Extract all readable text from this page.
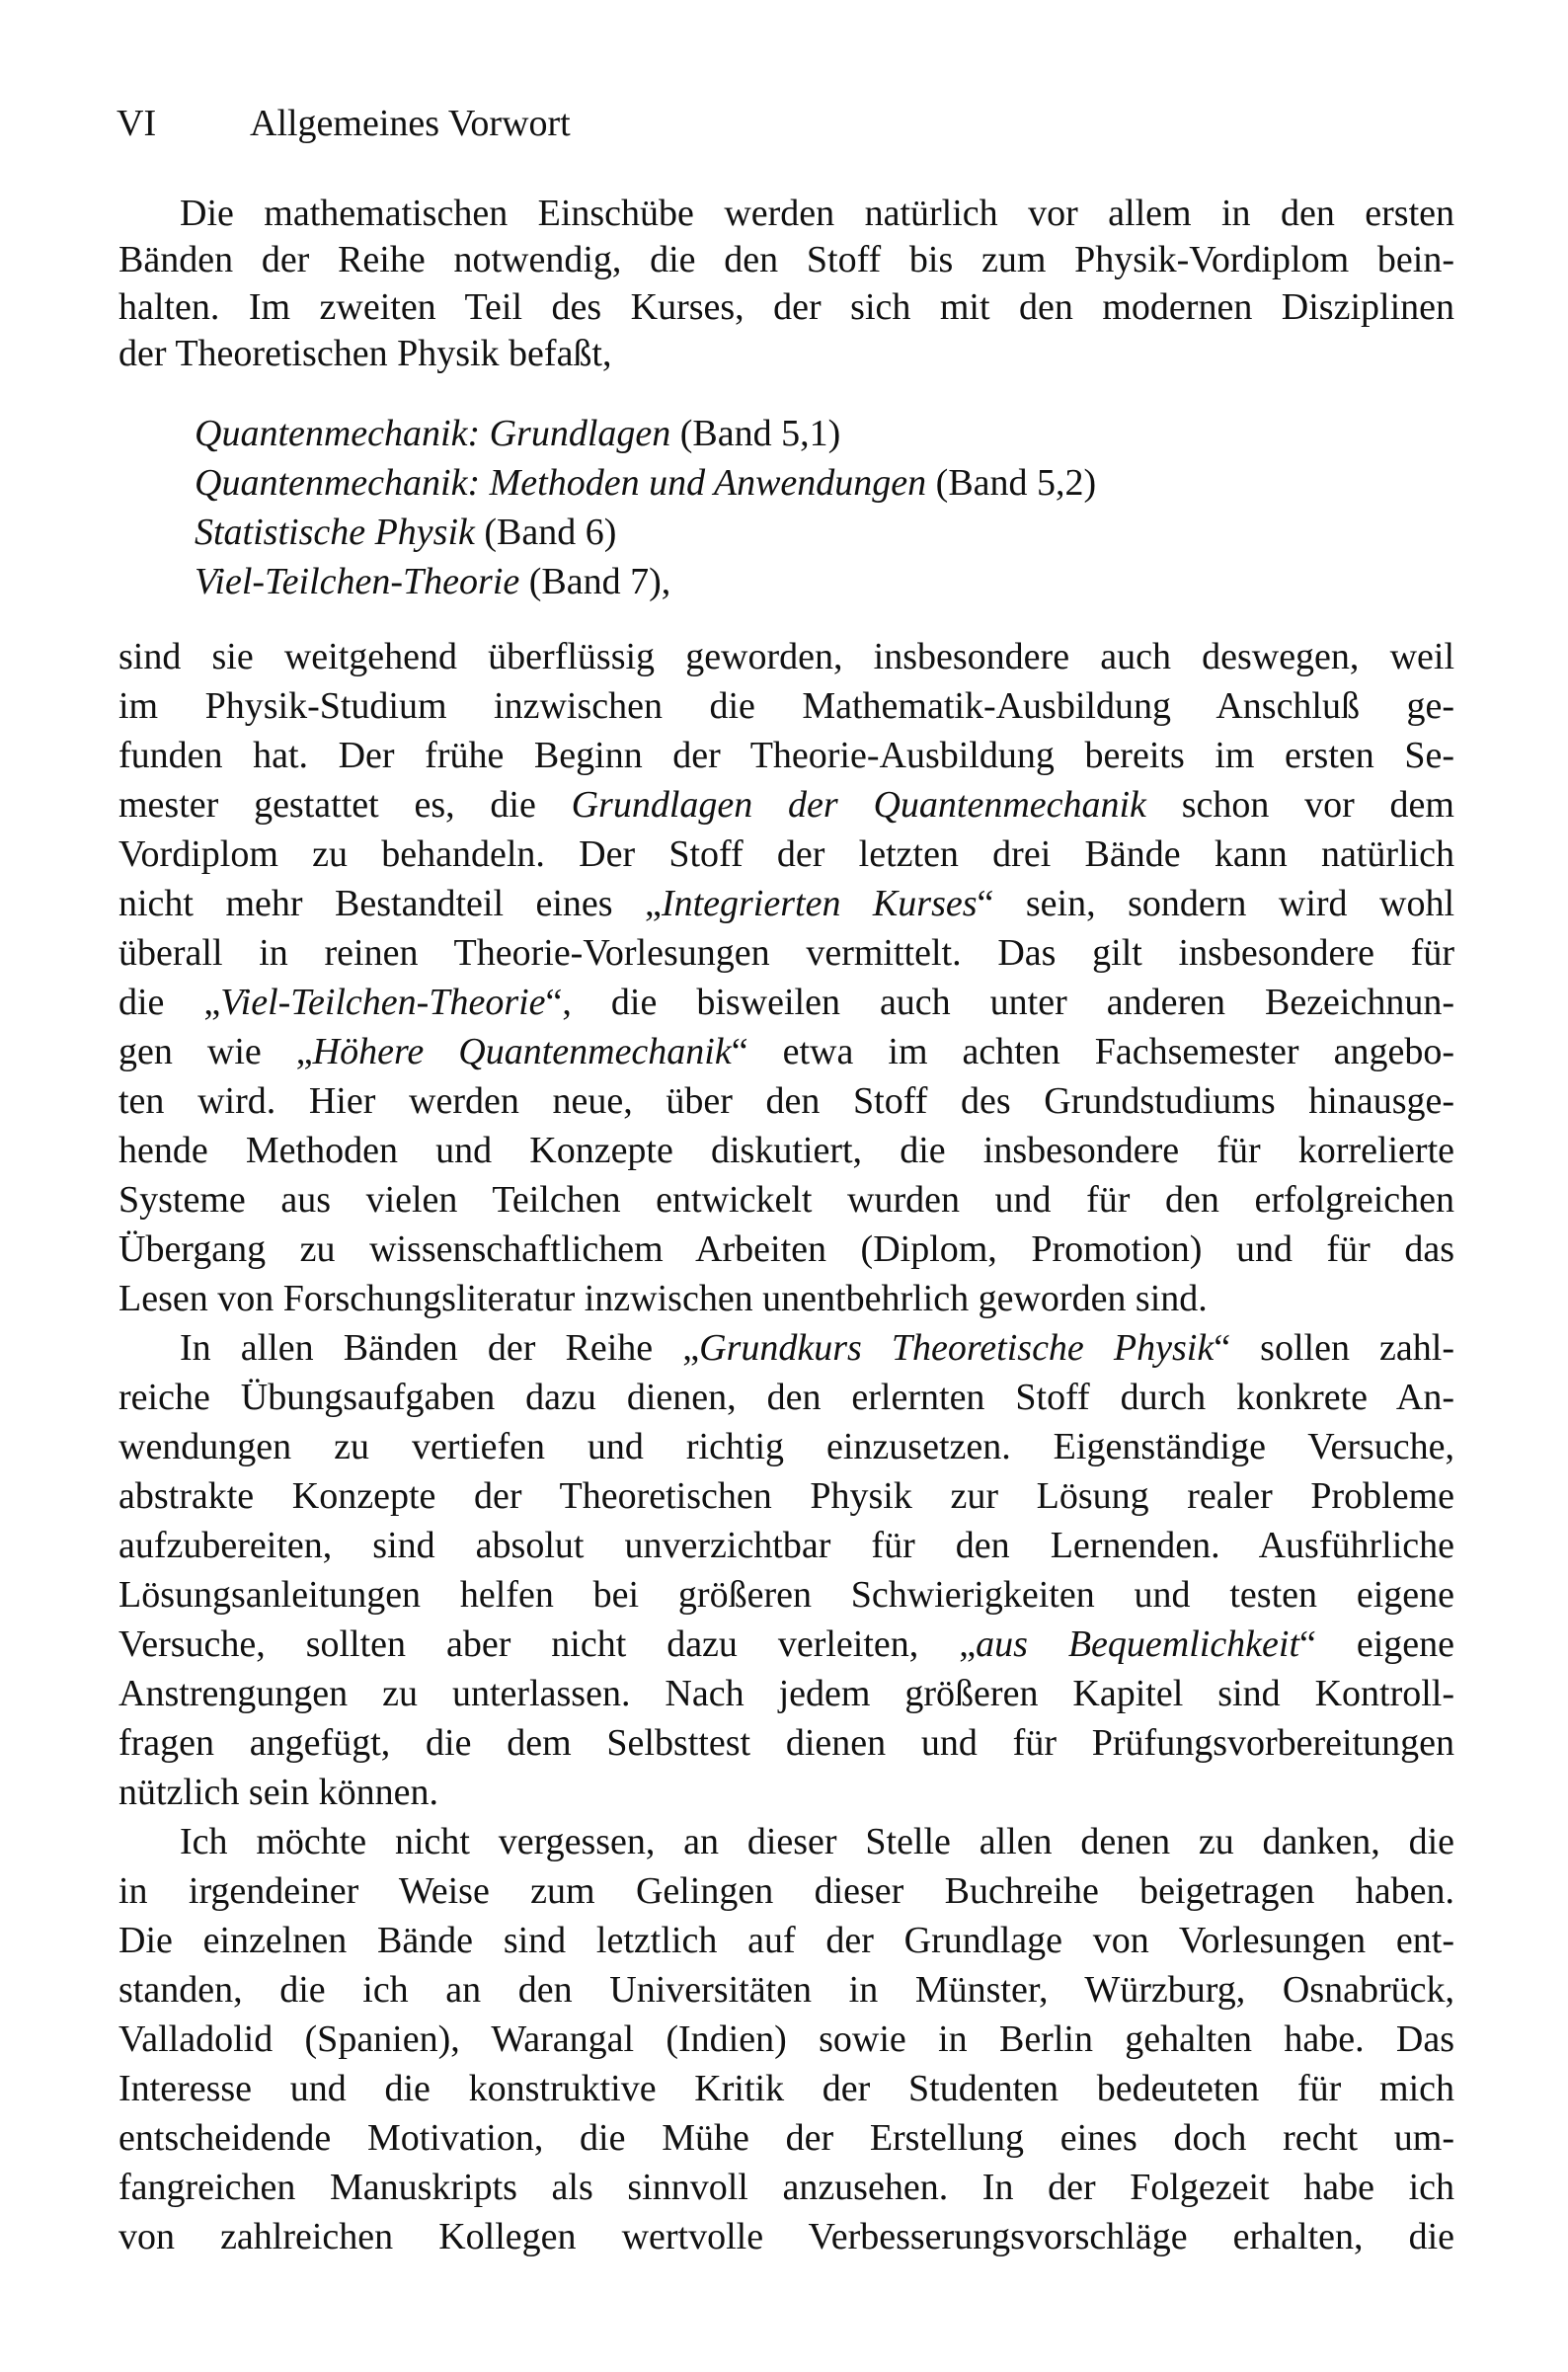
VI Allgemeines Vorwort
Die mathematischen Einschübe werden natürlich vor allem in den ersten
Bänden der Reihe notwendig, die den Stoff bis zum Physik-Vordiplom bein-
halten. Im zweiten Teil des Kurses, der sich mit den modernen Disziplinen
der Theoretischen Physik befaßt,
Quantenmechanik: Grundlagen (Band 5,1)
Quantenmechanik: Methoden und Anwendungen (Band 5,2)
Statistische Physik (Band 6)
Viel-Teilchen-Theorie (Band 7),
sind sie weitgehend überflüssig geworden, insbesondere auch deswegen, weil
im Physik-Studium inzwischen die Mathematik-Ausbildung Anschluß ge-
funden hat. Der frühe Beginn der Theorie-Ausbildung bereits im ersten Se-
mester gestattet es, die Grundlagen der Quantenmechanik schon vor dem
Vordiplom zu behandeln. Der Stoff der letzten drei Bände kann natürlich
nicht mehr Bestandteil eines „Integrierten Kurses“ sein, sondern wird wohl
überall in reinen Theorie-Vorlesungen vermittelt. Das gilt insbesondere für
die „Viel-Teilchen-Theorie“, die bisweilen auch unter anderen Bezeichnun-
gen wie „Höhere Quantenmechanik“ etwa im achten Fachsemester angebo-
ten wird. Hier werden neue, über den Stoff des Grundstudiums hinausge-
hende Methoden und Konzepte diskutiert, die insbesondere für korrelierte
Systeme aus vielen Teilchen entwickelt wurden und für den erfolgreichen
Übergang zu wissenschaftlichem Arbeiten (Diplom, Promotion) und für das
Lesen von Forschungsliteratur inzwischen unentbehrlich geworden sind.
In allen Bänden der Reihe „Grundkurs Theoretische Physik“ sollen zahl-
reiche Übungsaufgaben dazu dienen, den erlernten Stoff durch konkrete An-
wendungen zu vertiefen und richtig einzusetzen. Eigenständige Versuche,
abstrakte Konzepte der Theoretischen Physik zur Lösung realer Probleme
aufzubereiten, sind absolut unverzichtbar für den Lernenden. Ausführliche
Lösungsanleitungen helfen bei größeren Schwierigkeiten und testen eigene
Versuche, sollten aber nicht dazu verleiten, „aus Bequemlichkeit“ eigene
Anstrengungen zu unterlassen. Nach jedem größeren Kapitel sind Kontroll-
fragen angefügt, die dem Selbsttest dienen und für Prüfungsvorbereitungen
nützlich sein können.
Ich möchte nicht vergessen, an dieser Stelle allen denen zu danken, die
in irgendeiner Weise zum Gelingen dieser Buchreihe beigetragen haben.
Die einzelnen Bände sind letztlich auf der Grundlage von Vorlesungen ent-
standen, die ich an den Universitäten in Münster, Würzburg, Osnabrück,
Valladolid (Spanien), Warangal (Indien) sowie in Berlin gehalten habe. Das
Interesse und die konstruktive Kritik der Studenten bedeuteten für mich
entscheidende Motivation, die Mühe der Erstellung eines doch recht um-
fangreichen Manuskripts als sinnvoll anzusehen. In der Folgezeit habe ich
von zahlreichen Kollegen wertvolle Verbesserungsvorschläge erhalten, die
